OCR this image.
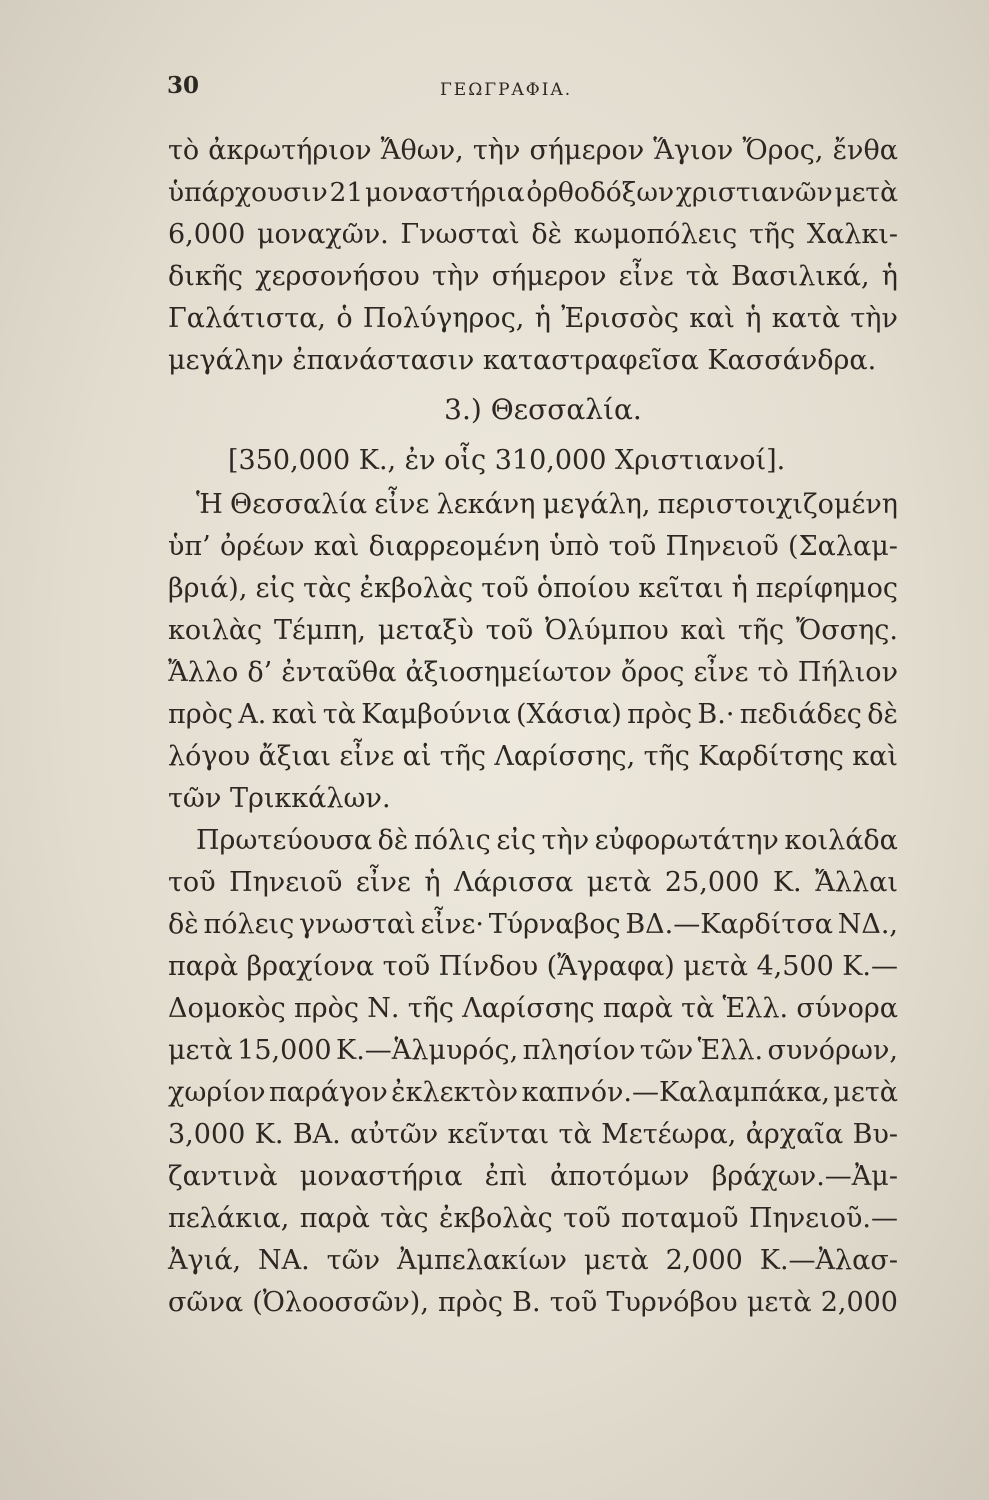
30	ΓΕΩΓΡΑΦΙΑ.
τὸ ἀκρωτήριον Ἄθων, τὴν σήμερον Ἅγιον Ὄρος, ἔνθα
ὑπάρχουσιν 21 μοναστήρια ὀρθοδόξων χριστιανῶν μετὰ
6,000 μοναχῶν. Γνωσταὶ δὲ κωμοπόλεις τῆς Χαλκι-
δικῆς χερσονήσου τὴν σήμερον εἶνε τὰ Βασιλικά, ἡ
Γαλάτιστα, ὁ Πολύγηρος, ἡ Ἐρισσὸς καὶ ἡ κατὰ τὴν
μεγάλην ἐπανάστασιν καταστραφεῖσα Κασσάνδρα.
3.) Θεσσαλία.
[350,000 Κ., ἐν οἷς 310,000 Χριστιανοί].
Ἡ Θεσσαλία εἶνε λεκάνη μεγάλη, περιστοιχιζομένη
ὑπ’ ὀρέων καὶ διαρρεομένη ὑπὸ τοῦ Πηνειοῦ (Σαλαμ-
βριά), εἰς τὰς ἐκβολὰς τοῦ ὁποίου κεῖται ἡ περίφημος
κοιλὰς Τέμπη, μεταξὺ τοῦ Ὀλύμπου καὶ τῆς Ὄσσης.
Ἄλλο δ’ ἐνταῦθα ἀξιοσημείωτον ὄρος εἶνε τὸ Πήλιον
πρὸς Α. καὶ τὰ Καμβούνια (Χάσια) πρὸς Β.· πεδιάδες δὲ
λόγου ἄξιαι εἶνε αἱ τῆς Λαρίσσης, τῆς Καρδίτσης καὶ
τῶν Τρικκάλων.
Πρωτεύουσα δὲ πόλις εἰς τὴν εὐφορωτάτην κοιλάδα
τοῦ Πηνειοῦ εἶνε ἡ Λάρισσα μετὰ 25,000 Κ. Ἄλλαι
δὲ πόλεις γνωσταὶ εἶνε· Τύρναβος ΒΔ.—Καρδίτσα ΝΔ.,
παρὰ βραχίονα τοῦ Πίνδου (Ἄγραφα) μετὰ 4,500 Κ.—
Δομοκὸς πρὸς Ν. τῆς Λαρίσσης παρὰ τὰ Ἑλλ. σύνορα
μετὰ 15,000 Κ.—Ἁλμυρός, πλησίον τῶν Ἑλλ. συνόρων,
χωρίον παράγον ἐκλεκτὸν καπνόν.—Καλαμπάκα, μετὰ
3,000 Κ. ΒΑ. αὐτῶν κεῖνται τὰ Μετέωρα, ἀρχαῖα Βυ-
ζαντινὰ μοναστήρια ἐπὶ ἀποτόμων βράχων.—Ἀμ-
πελάκια, παρὰ τὰς ἐκβολὰς τοῦ ποταμοῦ Πηνειοῦ.—
Ἀγιά, ΝΑ. τῶν Ἀμπελακίων μετὰ 2,000 Κ.—Ἀλασ-
σῶνα (Ὀλοοσσῶν), πρὸς Β. τοῦ Τυρνόβου μετὰ 2,000
